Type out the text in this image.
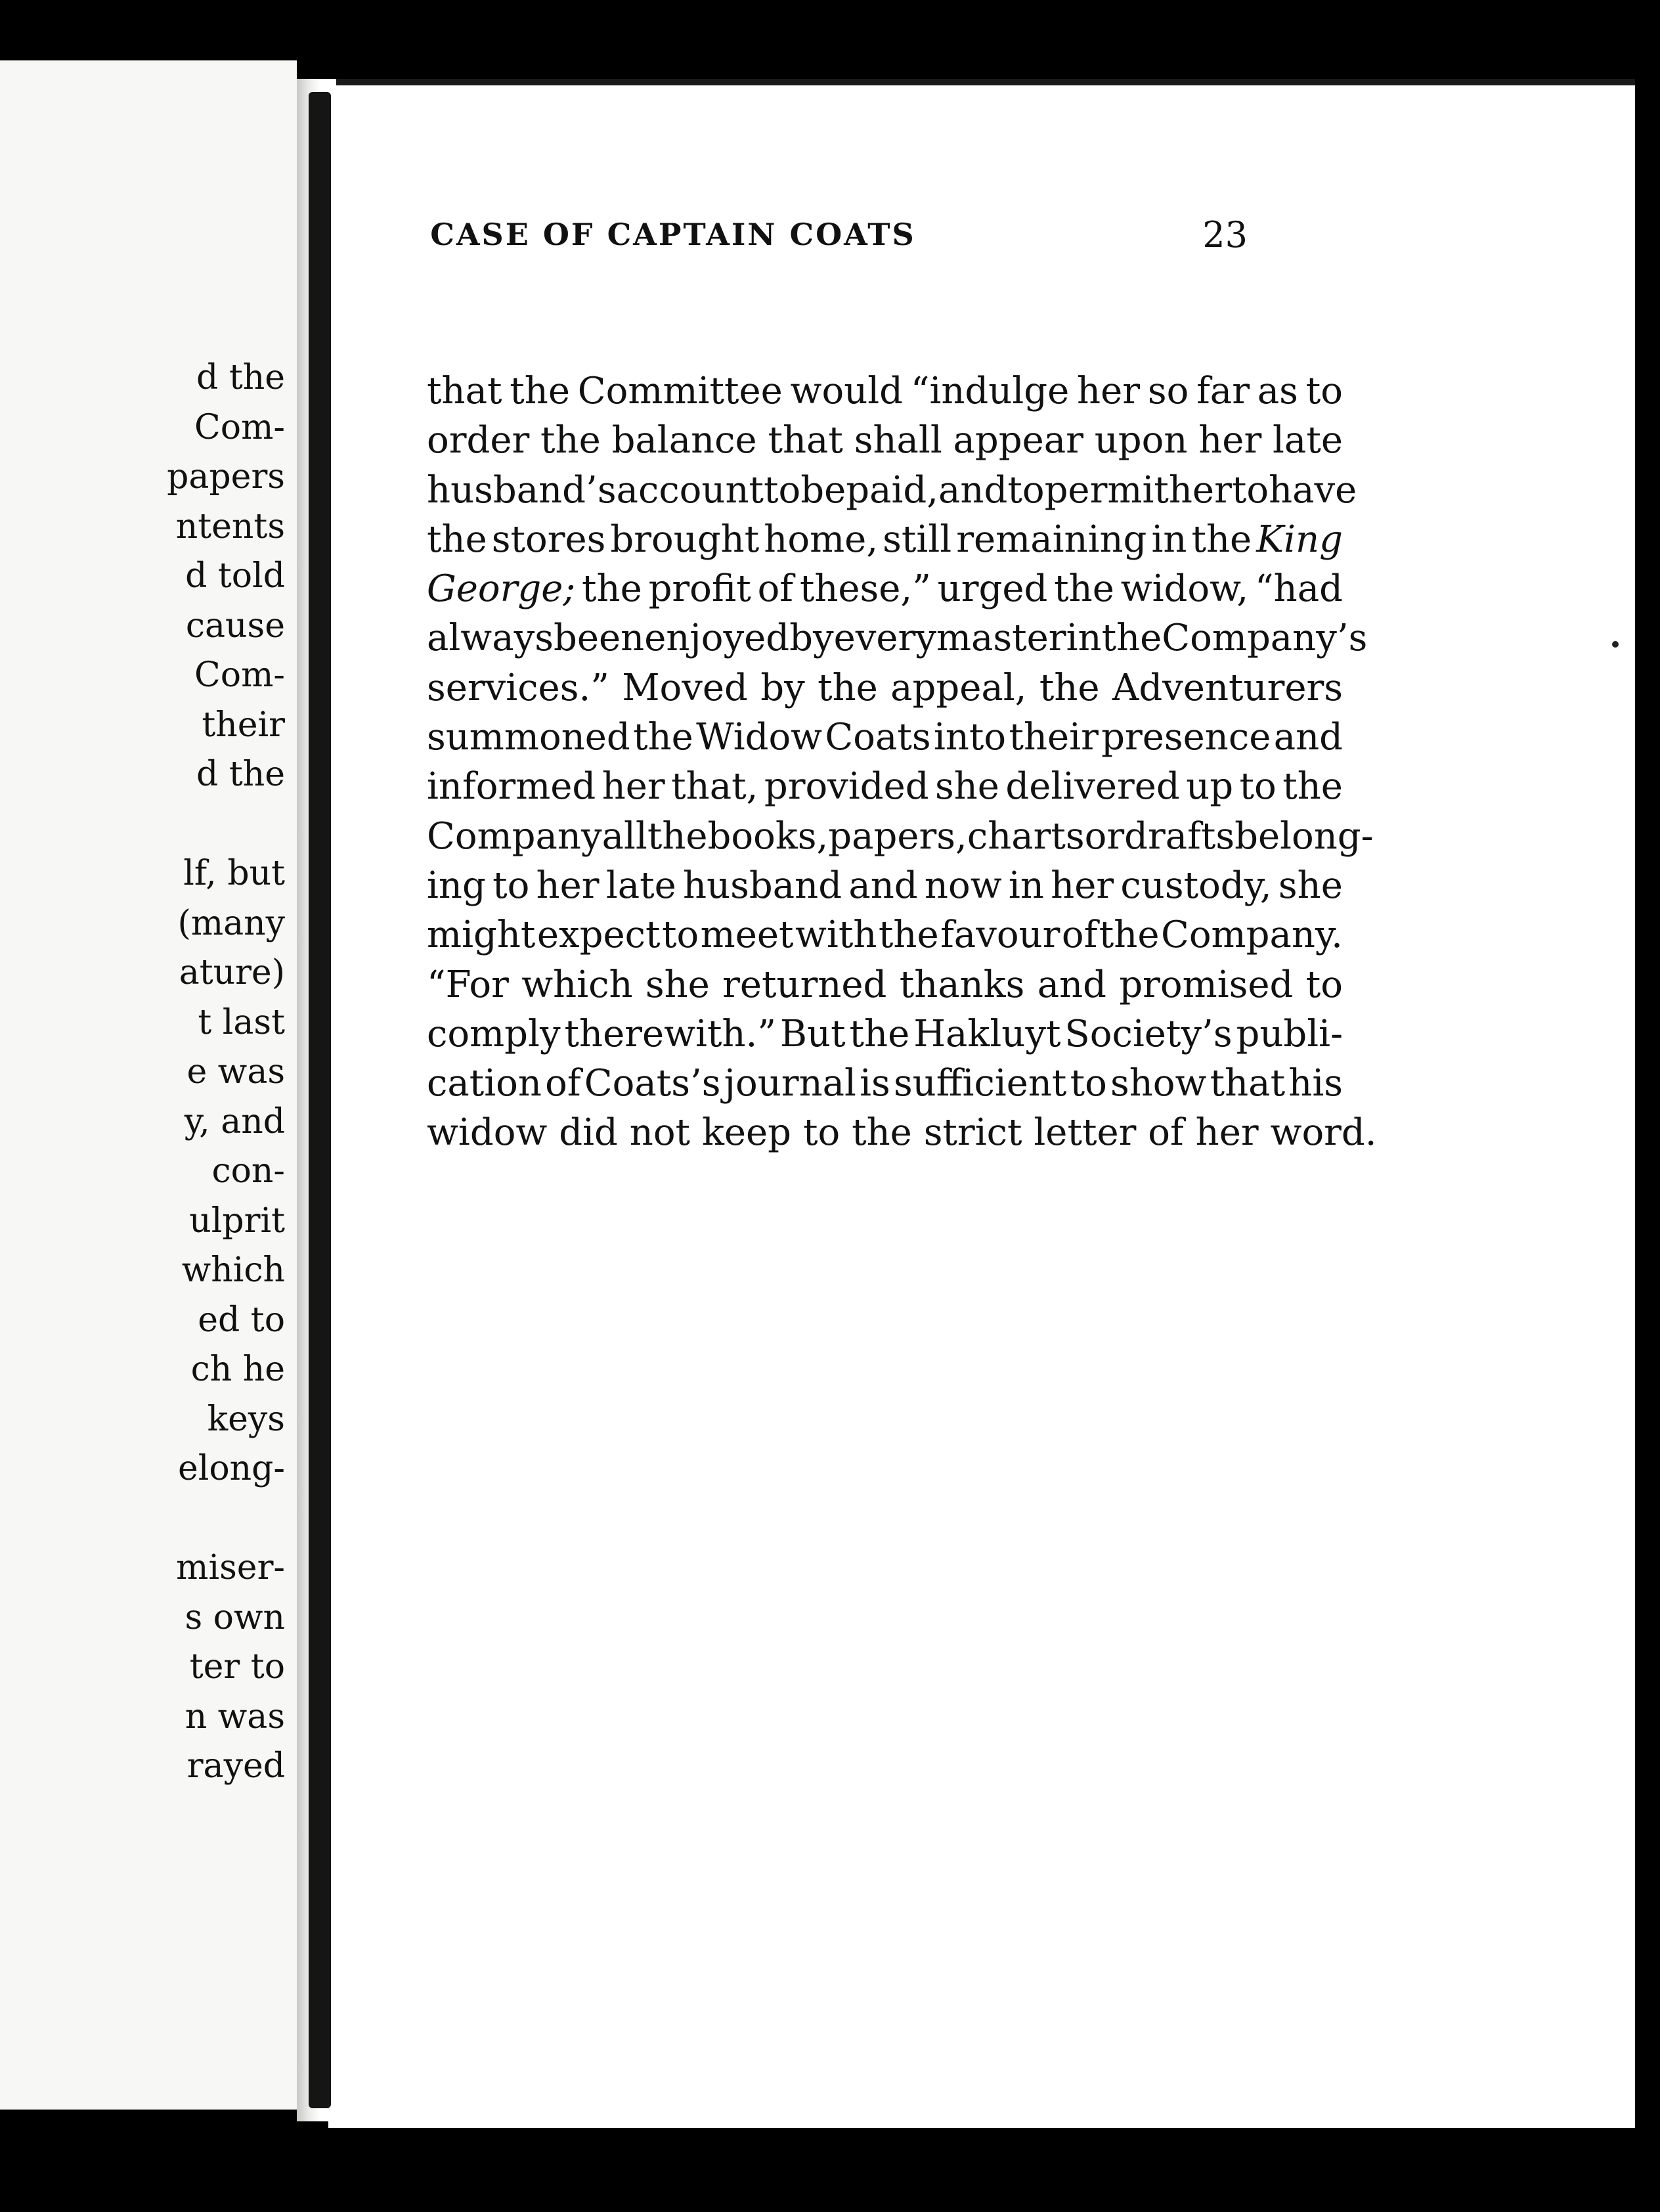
d the
Com-
papers
ntents
d told
cause
Com-
their
d the
lf, but
(many
ature)
t last
e was
y, and
con-
ulprit
which
ed to
ch he
keys
elong-
miser-
s own
ter to
n was
rayed
CASE OF CAPTAIN COATS	23
that the Committee would “indulge her so far as to
order the balance that shall appear upon her late
husband’s account to be paid, and to permit her to have
the stores brought home, still remaining in the King
George; the profit of these,” urged the widow, “had
always been enjoyed by every master in the Company’s
services.” Moved by the appeal, the Adventurers
summoned the Widow Coats into their presence and
informed her that, provided she delivered up to the
Company all the books, papers, charts or drafts belong-
ing to her late husband and now in her custody, she
might expect to meet with the favour of the Company.
“For which she returned thanks and promised to
comply therewith.” But the Hakluyt Society’s publi-
cation of Coats’s journal is sufficient to show that his
widow did not keep to the strict letter of her word.
